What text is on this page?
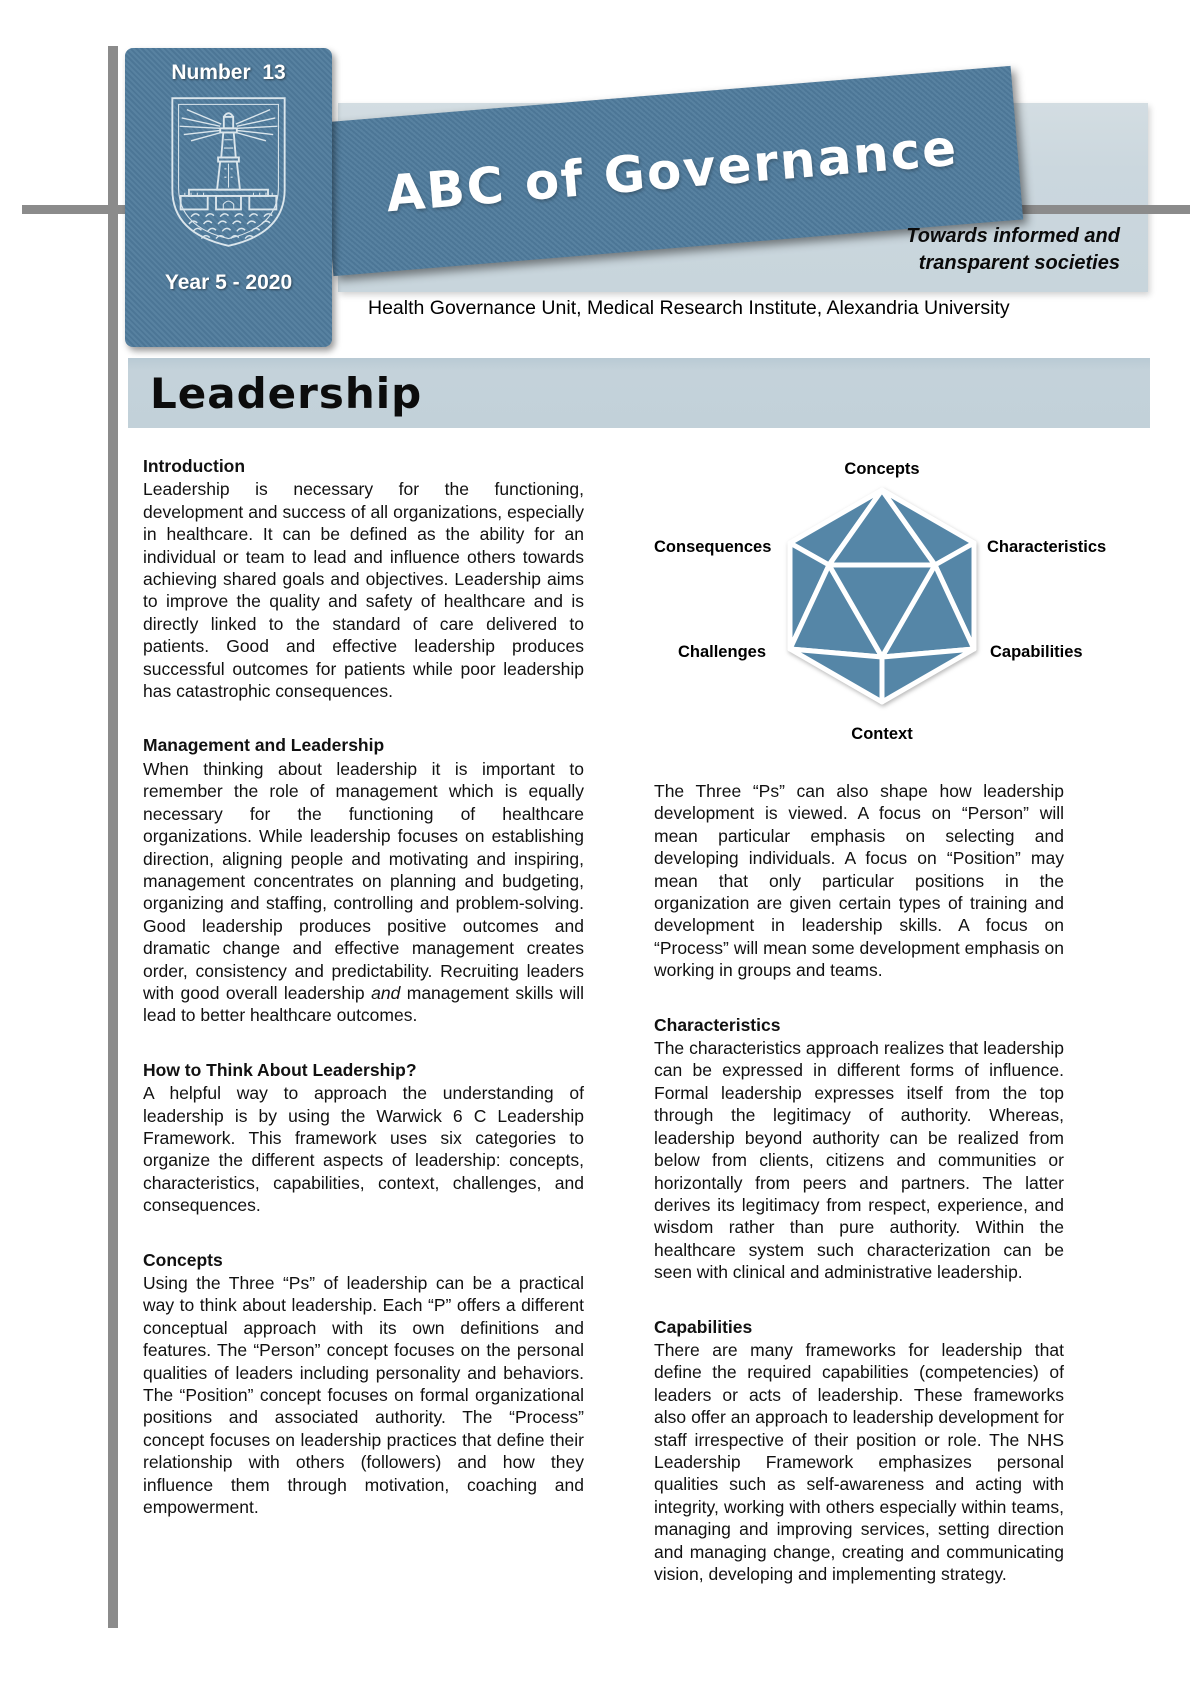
ABC of Governance
Number  13
Year 5 - 2020
Towards informed and
transparent societies
Health Governance Unit, Medical Research Institute, Alexandria University
Leadership
Introduction

Leadership is necessary for the functioning, development and success of all organizations, especially in healthcare. It can be defined as the ability for an individual or team to lead and influence others towards achieving shared goals and objectives. Leadership aims to improve the quality and safety of healthcare and is directly linked to the standard of care delivered to patients. Good and effective leadership produces successful outcomes for patients while poor leadership has catastrophic consequences.

Management and Leadership

When thinking about leadership it is important to remember the role of management which is equally necessary for the functioning of healthcare organizations. While leadership focuses on establishing direction, aligning people and motivating and inspiring, management concentrates on planning and budgeting, organizing and staffing, controlling and problem-solving. Good leadership produces positive outcomes and dramatic change and effective management creates order, consistency and predictability. Recruiting leaders with good overall leadership and management skills will lead to better healthcare outcomes.

How to Think About Leadership?

A helpful way to approach the understanding of leadership is by using the Warwick 6 C Leadership Framework. This framework uses six categories to organize the different aspects of leadership: concepts, characteristics, capabilities, context, challenges, and consequences.

Concepts

Using the Three “Ps” of leadership can be a practical way to think about leadership. Each “P” offers a different conceptual approach with its own definitions and features. The “Person” concept focuses on the personal qualities of leaders including personality and behaviors. The “Position” concept focuses on formal organizational positions and associated authority. The “Process” concept focuses on leadership practices that define their relationship with others (followers) and how they influence them through motivation, coaching and empowerment.

Concepts
Consequences	Characteristics
Challenges	Capabilities
Context

The Three “Ps” can also shape how leadership development is viewed. A focus on “Person” will mean particular emphasis on selecting and developing individuals. A focus on “Position” may mean that only particular positions in the organization are given certain types of training and development in leadership skills. A focus on “Process” will mean some development emphasis on working in groups and teams.

Characteristics

The characteristics approach realizes that leadership can be expressed in different forms of influence. Formal leadership expresses itself from the top through the legitimacy of authority. Whereas, leadership beyond authority can be realized from below from clients, citizens and communities or horizontally from peers and partners. The latter derives its legitimacy from respect, experience, and wisdom rather than pure authority. Within the healthcare system such characterization can be seen with clinical and administrative leadership.

Capabilities

There are many frameworks for leadership that define the required capabilities (competencies) of leaders or acts of leadership. These frameworks also offer an approach to leadership development for staff irrespective of their position or role. The NHS Leadership Framework emphasizes personal qualities such as self-awareness and acting with integrity, working with others especially within teams, managing and improving services, setting direction and managing change, creating and communicating vision, developing and implementing strategy.
